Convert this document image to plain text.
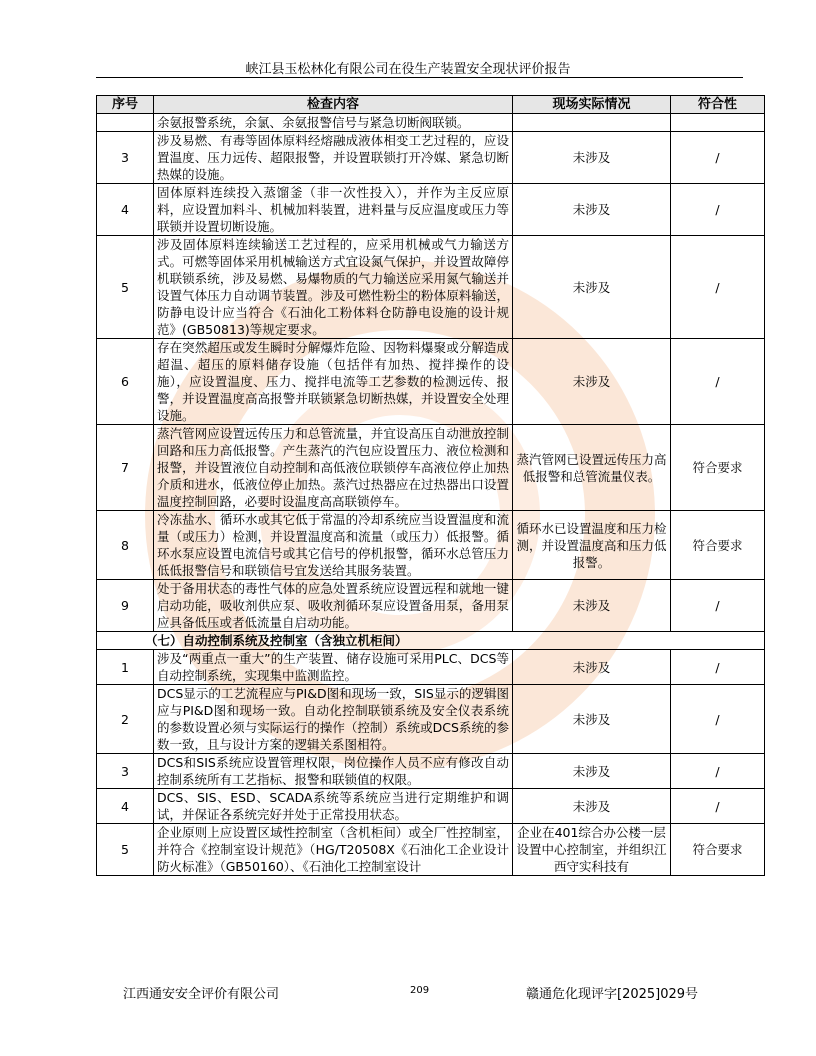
峡江县玉松林化有限公司在役生产装置安全现状评价报告
序号	检查内容	现场实际情况	符合性
	余氨报警系统，余氯、余氨报警信号与紧急切断阀联锁。		
3	涉及易燃、有毒等固体原料经熔融成液体相变工艺过程的，应设置温度、压力远传、超限报警，并设置联锁打开冷媒、紧急切断热媒的设施。	未涉及	/
4	固体原料连续投入蒸馏釜（非一次性投入），并作为主反应原料，应设置加料斗、机械加料装置，进料量与反应温度或压力等联锁并设置切断设施。	未涉及	/
5	涉及固体原料连续输送工艺过程的，应采用机械或气力输送方式。可燃等固体采用机械输送方式宜设氮气保护，并设置故障停机联锁系统，涉及易燃、易爆物质的气力输送应采用氮气输送并设置气体压力自动调节装置。涉及可燃性粉尘的粉体原料输送，防静电设计应当符合《石油化工粉体料仓防静电设施的设计规范》(GB50813)等规定要求。	未涉及	/
6	存在突然超压或发生瞬时分解爆炸危险、因物料爆聚或分解造成超温、超压的原料储存设施（包括伴有加热、搅拌操作的设施），应设置温度、压力、搅拌电流等工艺参数的检测远传、报警，并设置温度高高报警并联锁紧急切断热媒，并设置安全处理设施。	未涉及	/
7	蒸汽管网应设置远传压力和总管流量，并宜设高压自动泄放控制回路和压力高低报警。产生蒸汽的汽包应设置压力、液位检测和报警，并设置液位自动控制和高低液位联锁停车高液位停止加热介质和进水，低液位停止加热。蒸汽过热器应在过热器出口设置温度控制回路，必要时设温度高高联锁停车。	蒸汽管网已设置远传压力高低报警和总管流量仪表。	符合要求
8	冷冻盐水、循环水或其它低于常温的冷却系统应当设置温度和流量（或压力）检测，并设置温度高和流量（或压力）低报警。循环水泵应设置电流信号或其它信号的停机报警，循环水总管压力低低报警信号和联锁信号宜发送给其服务装置。	循环水已设置温度和压力检测，并设置温度高和压力低报警。	符合要求
9	处于备用状态的毒性气体的应急处置系统应设置远程和就地一键启动功能，吸收剂供应泵、吸收剂循环泵应设置备用泵，备用泵应具备低压或者低流量自启动功能。	未涉及	/
（七）自动控制系统及控制室（含独立机柜间）			
1	涉及“两重点一重大”的生产装置、储存设施可采用PLC、DCS等自动控制系统，实现集中监测监控。	未涉及	/
2	DCS显示的工艺流程应与PI&D图和现场一致，SIS显示的逻辑图应与PI&D图和现场一致。自动化控制联锁系统及安全仪表系统的参数设置必须与实际运行的操作（控制）系统或DCS系统的参数一致，且与设计方案的逻辑关系图相符。	未涉及	/
3	DCS和SIS系统应设置管理权限，岗位操作人员不应有修改自动控制系统所有工艺指标、报警和联锁值的权限。	未涉及	/
4	DCS、SIS、ESD、SCADA系统等系统应当进行定期维护和调试，并保证各系统完好并处于正常投用状态。	未涉及	/
5	企业原则上应设置区域性控制室（含机柜间）或全厂性控制室，并符合《控制室设计规范》（HG/T20508X《石油化工企业设计防火标准》（GB50160）、《石油化工控制室设计	企业在401综合办公楼一层设置中心控制室，并组织江西守实科技有	符合要求
江西通安安全评价有限公司	209	赣通危化现评字[2025]029号
